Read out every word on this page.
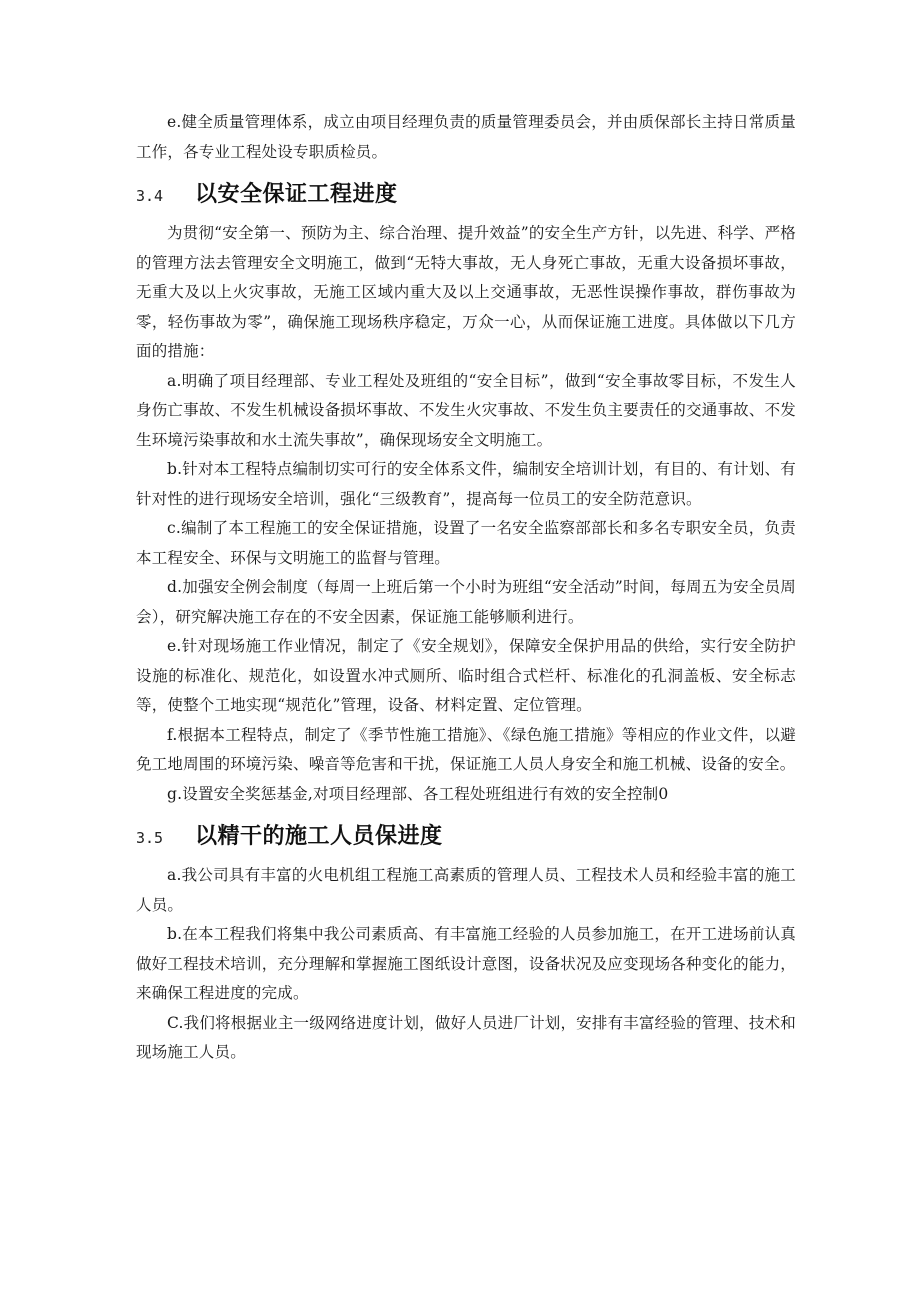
e.健全质量管理体系，成立由项目经理负责的质量管理委员会，并由质保部长主持日常质量工作，各专业工程处设专职质检员。

3.4	以安全保证工程进度

为贯彻“安全第一、预防为主、综合治理、提升效益”的安全生产方针，以先进、科学、严格的管理方法去管理安全文明施工，做到“无特大事故，无人身死亡事故，无重大设备损坏事故，无重大及以上火灾事故，无施工区域内重大及以上交通事故，无恶性误操作事故，群伤事故为零，轻伤事故为零”，确保施工现场秩序稳定，万众一心，从而保证施工进度。具体做以下几方面的措施：

a.明确了项目经理部、专业工程处及班组的“安全目标”，做到“安全事故零目标，不发生人身伤亡事故、不发生机械设备损坏事故、不发生火灾事故、不发生负主要责任的交通事故、不发生环境污染事故和水土流失事故”，确保现场安全文明施工。

b.针对本工程特点编制切实可行的安全体系文件，编制安全培训计划，有目的、有计划、有针对性的进行现场安全培训，强化“三级教育”，提高每一位员工的安全防范意识。

c.编制了本工程施工的安全保证措施，设置了一名安全监察部部长和多名专职安全员，负责本工程安全、环保与文明施工的监督与管理。

d.加强安全例会制度（每周一上班后第一个小时为班组“安全活动”时间，每周五为安全员周会），研究解决施工存在的不安全因素，保证施工能够顺利进行。

e.针对现场施工作业情况，制定了《安全规划》，保障安全保护用品的供给，实行安全防护设施的标准化、规范化，如设置水冲式厕所、临时组合式栏杆、标准化的孔洞盖板、安全标志等，使整个工地实现“规范化”管理，设备、材料定置、定位管理。

f.根据本工程特点，制定了《季节性施工措施》、《绿色施工措施》等相应的作业文件，以避免工地周围的环境污染、噪音等危害和干扰，保证施工人员人身安全和施工机械、设备的安全。

g.设置安全奖惩基金,对项目经理部、各工程处班组进行有效的安全控制0

3.5	以精干的施工人员保进度

a.我公司具有丰富的火电机组工程施工高素质的管理人员、工程技术人员和经验丰富的施工人员。

b.在本工程我们将集中我公司素质高、有丰富施工经验的人员参加施工，在开工进场前认真做好工程技术培训，充分理解和掌握施工图纸设计意图，设备状况及应变现场各种变化的能力，来确保工程进度的完成。

C.我们将根据业主一级网络进度计划，做好人员进厂计划，安排有丰富经验的管理、技术和现场施工人员。
